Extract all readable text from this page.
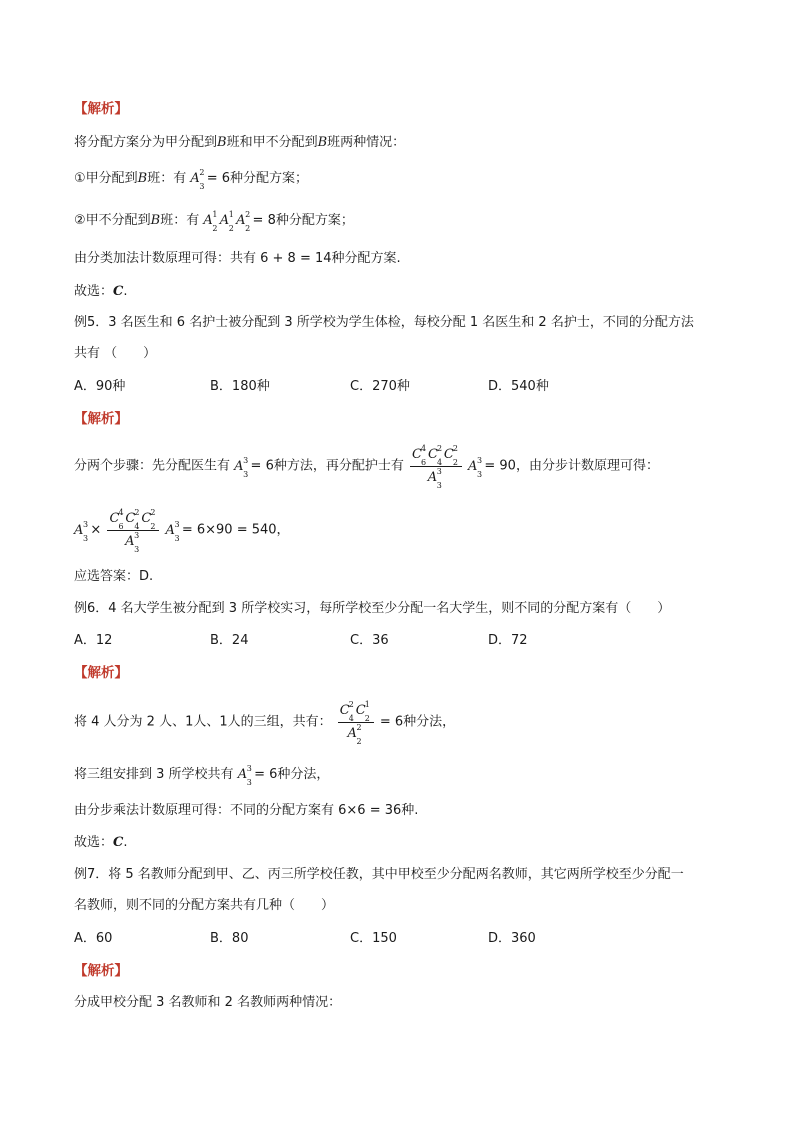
【解析】
将分配方案分为甲分配到B班和甲不分配到B班两种情况：
①甲分配到B班：有 A 2
3
= 6种分配方案；
②甲不分配到B班：有 A 1
2
A 1
2
A 2
2
= 8种分配方案；
由分类加法计数原理可得：共有 6 + 8 = 14种分配方案.
故选：C.
例5．3 名医生和 6 名护士被分配到 3 所学校为学生体检，每校分配 1 名医生和 2 名护士，不同的分配方法
共有 （　　）
A．90种	B．180种	C．270种	D．540种
【解析】
分两个步骤：先分配医生有 A 3
3
= 6种方法，再分配护士有 C 4
6
C 2
4
C 2
2
A 3
3 A 3
3
= 90，由分步计数原理可得：
A 3
3
× C 4
6
C 2
4
C 2
2
A 3
3 A 3
3
= 6×90 = 540，
应选答案：D.
例6．4 名大学生被分配到 3 所学校实习，每所学校至少分配一名大学生，则不同的分配方案有（　　）
A．12	B．24	C．36	D．72
【解析】
将 4 人分为 2 人、1人、1人的三组，共有： C 2
4
C 1
2
A 2
2 = 6种分法，
将三组安排到 3 所学校共有 A 3
3
= 6种分法，
由分步乘法计数原理可得：不同的分配方案有 6×6 = 36种.
故选：C.
例7．将 5 名教师分配到甲、乙、丙三所学校任教，其中甲校至少分配两名教师，其它两所学校至少分配一
名教师，则不同的分配方案共有几种（　　）
A．60	B．80	C．150	D．360
【解析】
分成甲校分配 3 名教师和 2 名教师两种情况：
